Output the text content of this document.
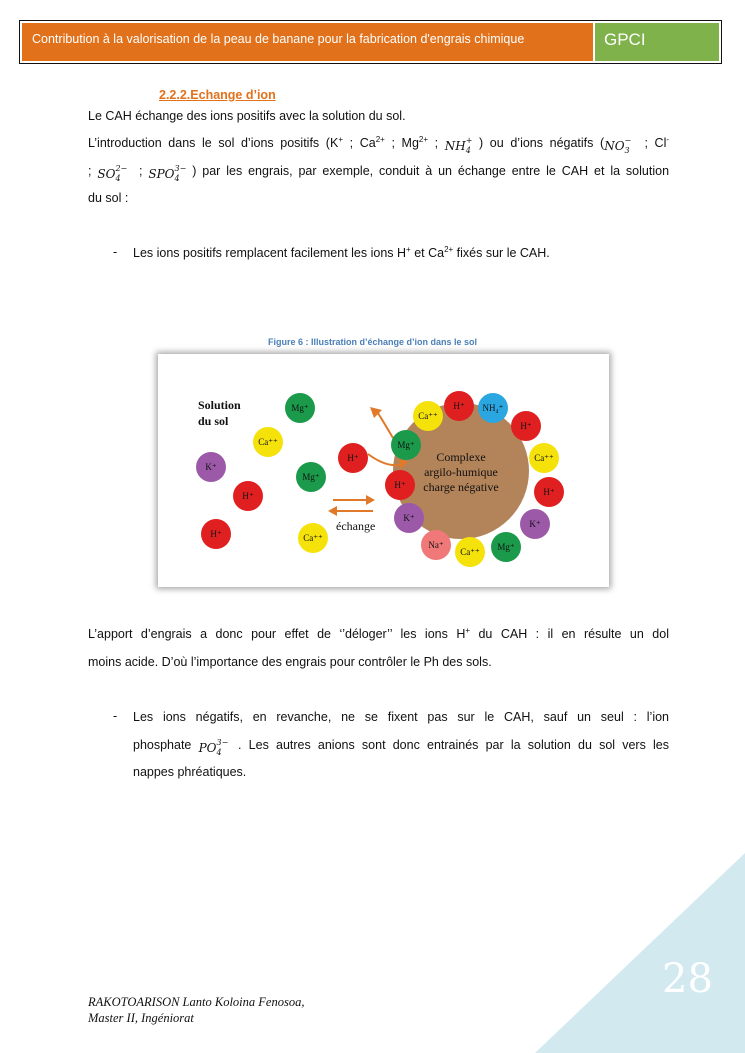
Contribution à la valorisation de la peau de banane pour la fabrication d'engrais chimique	GPCI
2.2.2.Echange d’ion
Le CAH échange des ions positifs avec la solution du sol.
L’introduction dans le sol d’ions positifs (K+ ; $Ca^{2+}$ ; $Mg^{2+}$ ; NH +
4
) ou d’ions négatifs (NO −
3
; Cl-
; SO 2−
4
; SPO 3−
4
) par les engrais, par exemple, conduit à un échange entre le CAH et la solution
du sol :
- Les ions positifs remplacent facilement les ions H+ et $Ca^{2+}$ fixés sur le CAH.
Figure 6 : Illustration d’échange d’ion dans le sol
Solution
du sol
Complexe
argilo-humique
charge négative
échange
Mg⁺
Ca⁺⁺
K⁺
H⁺
Mg⁺
H⁺
H⁺	Ca⁺⁺
Ca⁺⁺
H⁺ NH₄⁺
H⁺
Mg⁺
Ca⁺⁺
H⁺
H⁺
K⁺
K⁺
Na⁺
Ca⁺⁺ Mg⁺
L’apport d’engrais a donc pour effet de ‘’déloger’’ les ions H+ du CAH : il en résulte un dol
moins acide. D’où l’importance des engrais pour contrôler le Ph des sols.
- Les ions négatifs, en revanche, ne se fixent pas sur le CAH, sauf un seul : l’ion
phosphate PO 3−
4
. Les autres anions sont donc entrainés par la solution du sol vers les
nappes phréatiques.
28
RAKOTOARISON Lanto Koloina Fenosoa,
Master II, Ingéniorat
